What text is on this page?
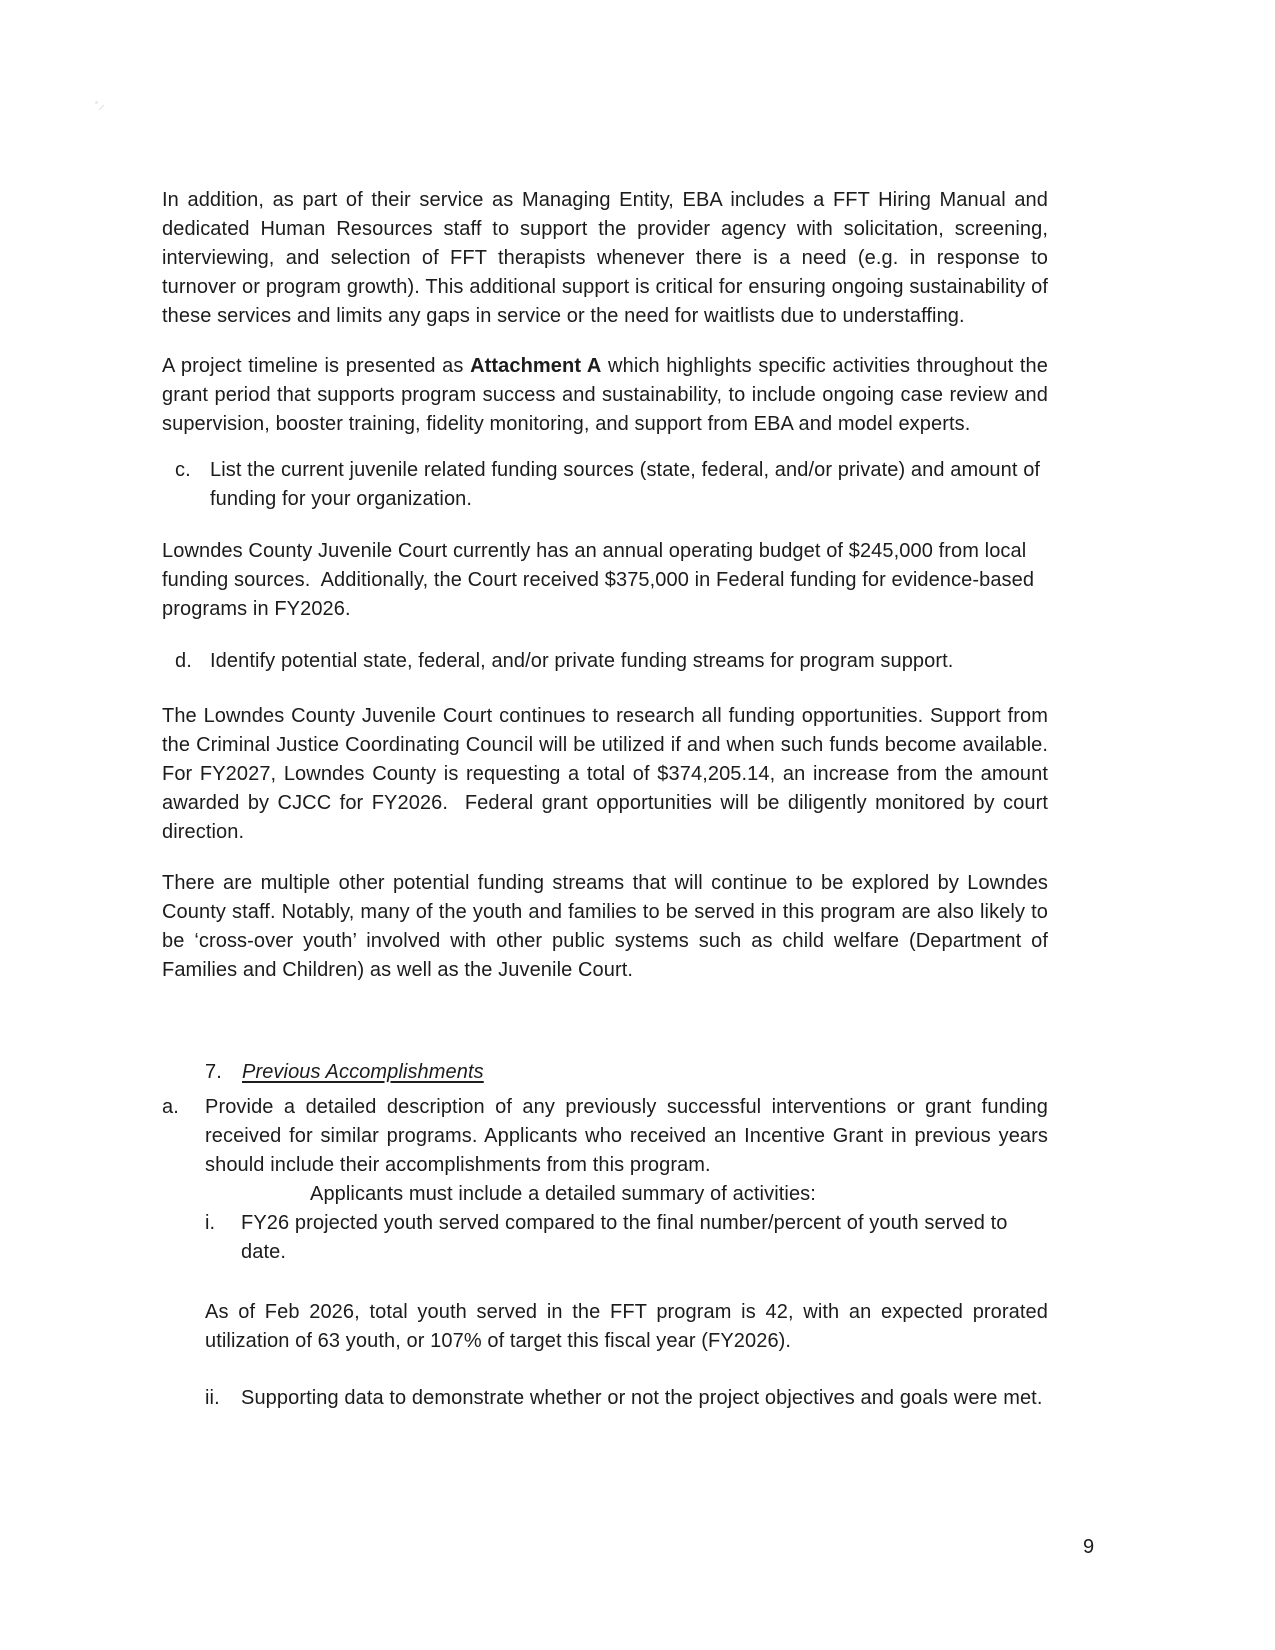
In addition, as part of their service as Managing Entity, EBA includes a FFT Hiring Manual and dedicated Human Resources staff to support the provider agency with solicitation, screening, interviewing, and selection of FFT therapists whenever there is a need (e.g. in response to turnover or program growth). This additional support is critical for ensuring ongoing sustainability of these services and limits any gaps in service or the need for waitlists due to understaffing.

A project timeline is presented as Attachment A which highlights specific activities throughout the grant period that supports program success and sustainability, to include ongoing case review and supervision, booster training, fidelity monitoring, and support from EBA and model experts.

c. List the current juvenile related funding sources (state, federal, and/or private) and amount of funding for your organization.

Lowndes County Juvenile Court currently has an annual operating budget of $245,000 from local funding sources.  Additionally, the Court received $375,000 in Federal funding for evidence-based programs in FY2026.

d. Identify potential state, federal, and/or private funding streams for program support.

The Lowndes County Juvenile Court continues to research all funding opportunities. Support from the Criminal Justice Coordinating Council will be utilized if and when such funds become available. For FY2027, Lowndes County is requesting a total of $374,205.14, an increase from the amount awarded by CJCC for FY2026.  Federal grant opportunities will be diligently monitored by court direction.

There are multiple other potential funding streams that will continue to be explored by Lowndes County staff. Notably, many of the youth and families to be served in this program are also likely to be ‘cross-over youth’ involved with other public systems such as child welfare (Department of Families and Children) as well as the Juvenile Court.

7. Previous Accomplishments
a.	Provide a detailed description of any previously successful interventions or grant funding received for similar programs. Applicants who received an Incentive Grant in previous years should include their accomplishments from this program.

Applicants must include a detailed summary of activities:

i.	FY26 projected youth served compared to the final number/percent of youth served to date.

As of Feb 2026, total youth served in the FFT program is 42, with an expected prorated utilization of 63 youth, or 107% of target this fiscal year (FY2026).

ii.	Supporting data to demonstrate whether or not the project objectives and goals were met.
9
